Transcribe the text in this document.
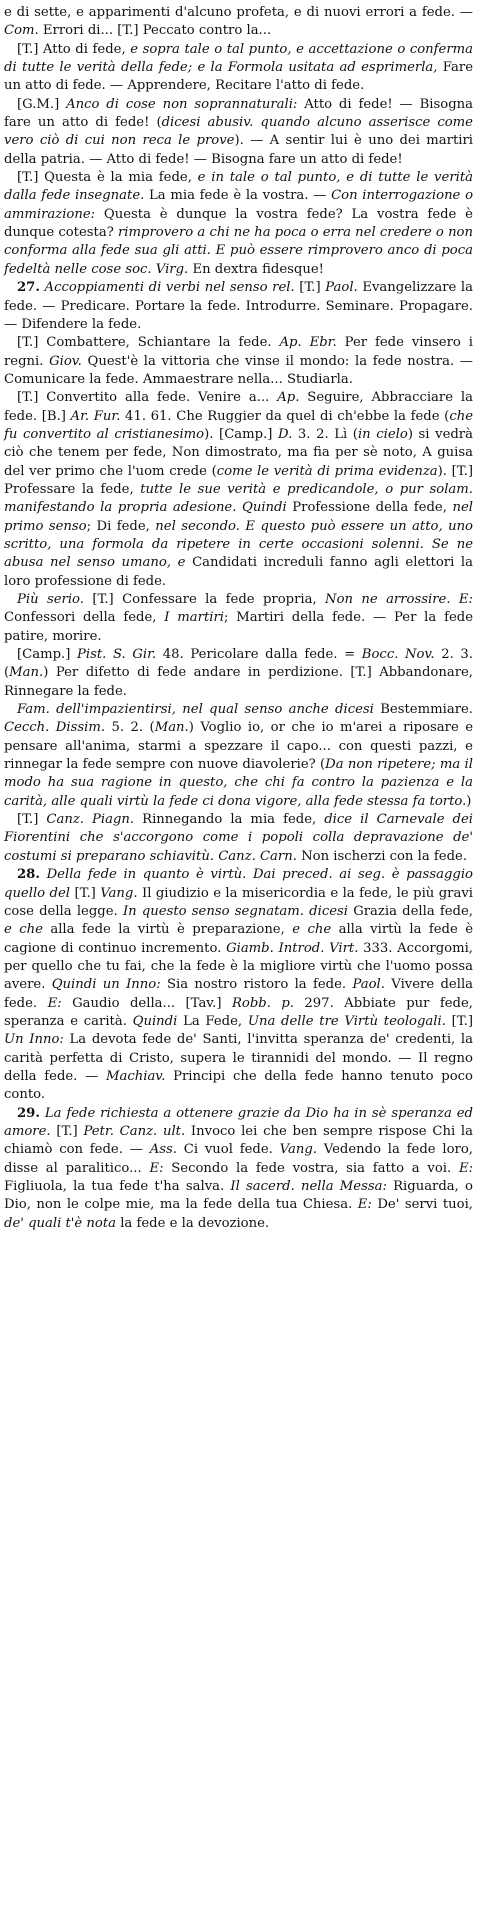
e di sette, e apparimenti d'alcuno profeta, e di nuovi errori a fede. — Com. Errori di... [T.] Peccato contro la...

[T.] Atto di fede, e sopra tale o tal punto, e accettazione o conferma di tutte le verità della fede; e la Formola usitata ad esprimerla, Fare un atto di fede. — Apprendere, Recitare l'atto di fede.

[G.M.] Anco di cose non soprannaturali: Atto di fede! — Bisogna fare un atto di fede! (dicesi abusiv. quando alcuno asserisce come vero ciò di cui non reca le prove). — A sentir lui è uno dei martiri della patria. — Atto di fede! — Bisogna fare un atto di fede!

[T.] Questa è la mia fede, e in tale o tal punto, e di tutte le verità dalla fede insegnate. La mia fede è la vostra. — Con interrogazione o ammirazione: Questa è dunque la vostra fede? La vostra fede è dunque cotesta? rimprovero a chi ne ha poca o erra nel credere o non conforma alla fede sua gli atti. E può essere rimprovero anco di poca fedeltà nelle cose soc. Virg. En dextra fidesque!

27. Accoppiamenti di verbi nel senso rel. [T.] Paol. Evangelizzare la fede. — Predicare. Portare la fede. Introdurre. Seminare. Propagare. — Difendere la fede.

[T.] Combattere, Schiantare la fede. Ap. Ebr. Per fede vinsero i regni. Giov. Quest'è la vittoria che vinse il mondo: la fede nostra. — Comunicare la fede. Ammaestrare nella... Studiarla.

[T.] Convertito alla fede. Venire a... Ap. Seguire, Abbracciare la fede. [B.] Ar. Fur. 41. 61. Che Ruggier da quel di ch'ebbe la fede (che fu convertito al cristianesimo). [Camp.] D. 3. 2. Lì (in cielo) si vedrà ciò che tenem per fede, Non dimostrato, ma fia per sè noto, A guisa del ver primo che l'uom crede (come le verità di prima evidenza). [T.] Professare la fede, tutte le sue verità e predicandole, o pur solam. manifestando la propria adesione. Quindi Professione della fede, nel primo senso; Di fede, nel secondo. E questo può essere un atto, uno scritto, una formola da ripetere in certe occasioni solenni. Se ne abusa nel senso umano, e Candidati increduli fanno agli elettori la loro professione di fede.

Più serio. [T.] Confessare la fede propria, Non ne arrossire. E: Confessori della fede, I martiri; Martiri della fede. — Per la fede patire, morire.

[Camp.] Pist. S. Gir. 48. Pericolare dalla fede. = Bocc. Nov. 2. 3. (Man.) Per difetto di fede andare in perdizione. [T.] Abbandonare, Rinnegare la fede.

Fam. dell'impazientirsi, nel qual senso anche dicesi Bestemmiare. Cecch. Dissim. 5. 2. (Man.) Voglio io, or che io m'arei a riposare e pensare all'anima, starmi a spezzare il capo... con questi pazzi, e rinnegar la fede sempre con nuove diavolerie? (Da non ripetere; ma il modo ha sua ragione in questo, che chi fa contro la pazienza e la carità, alle quali virtù la fede ci dona vigore, alla fede stessa fa torto.)

[T.] Canz. Piagn. Rinnegando la mia fede, dice il Carnevale dei Fiorentini che s'accorgono come i popoli colla depravazione de' costumi si preparano schiavitù. Canz. Carn. Non ischerzi con la fede.

28. Della fede in quanto è virtù. Dai preced. ai seg. è passaggio quello del [T.] Vang. Il giudizio e la misericordia e la fede, le più gravi cose della legge. In questo senso segnatam. dicesi Grazia della fede, e che alla fede la virtù è preparazione, e che alla virtù la fede è cagione di continuo incremento. Giamb. Introd. Virt. 333. Accorgomi, per quello che tu fai, che la fede è la migliore virtù che l'uomo possa avere. Quindi un Inno: Sia nostro ristoro la fede. Paol. Vivere della fede. E: Gaudio della... [Tav.] Robb. p. 297. Abbiate pur fede, speranza e carità. Quindi La Fede, Una delle tre Virtù teologali. [T.] Un Inno: La devota fede de' Santi, l'invitta speranza de' credenti, la carità perfetta di Cristo, supera le tirannidi del mondo. — Il regno della fede. — Machiav. Principi che della fede hanno tenuto poco conto.

29. La fede richiesta a ottenere grazie da Dio ha in sè speranza ed amore. [T.] Petr. Canz. ult. Invoco lei che ben sempre rispose Chi la chiamò con fede. — Ass. Ci vuol fede. Vang. Vedendo la fede loro, disse al paralitico... E: Secondo la fede vostra, sia fatto a voi. E: Figliuola, la tua fede t'ha salva. Il sacerd. nella Messa: Riguarda, o Dio, non le colpe mie, ma la fede della tua Chiesa. E: De' servi tuoi, de' quali t'è nota la fede e la devozione.
